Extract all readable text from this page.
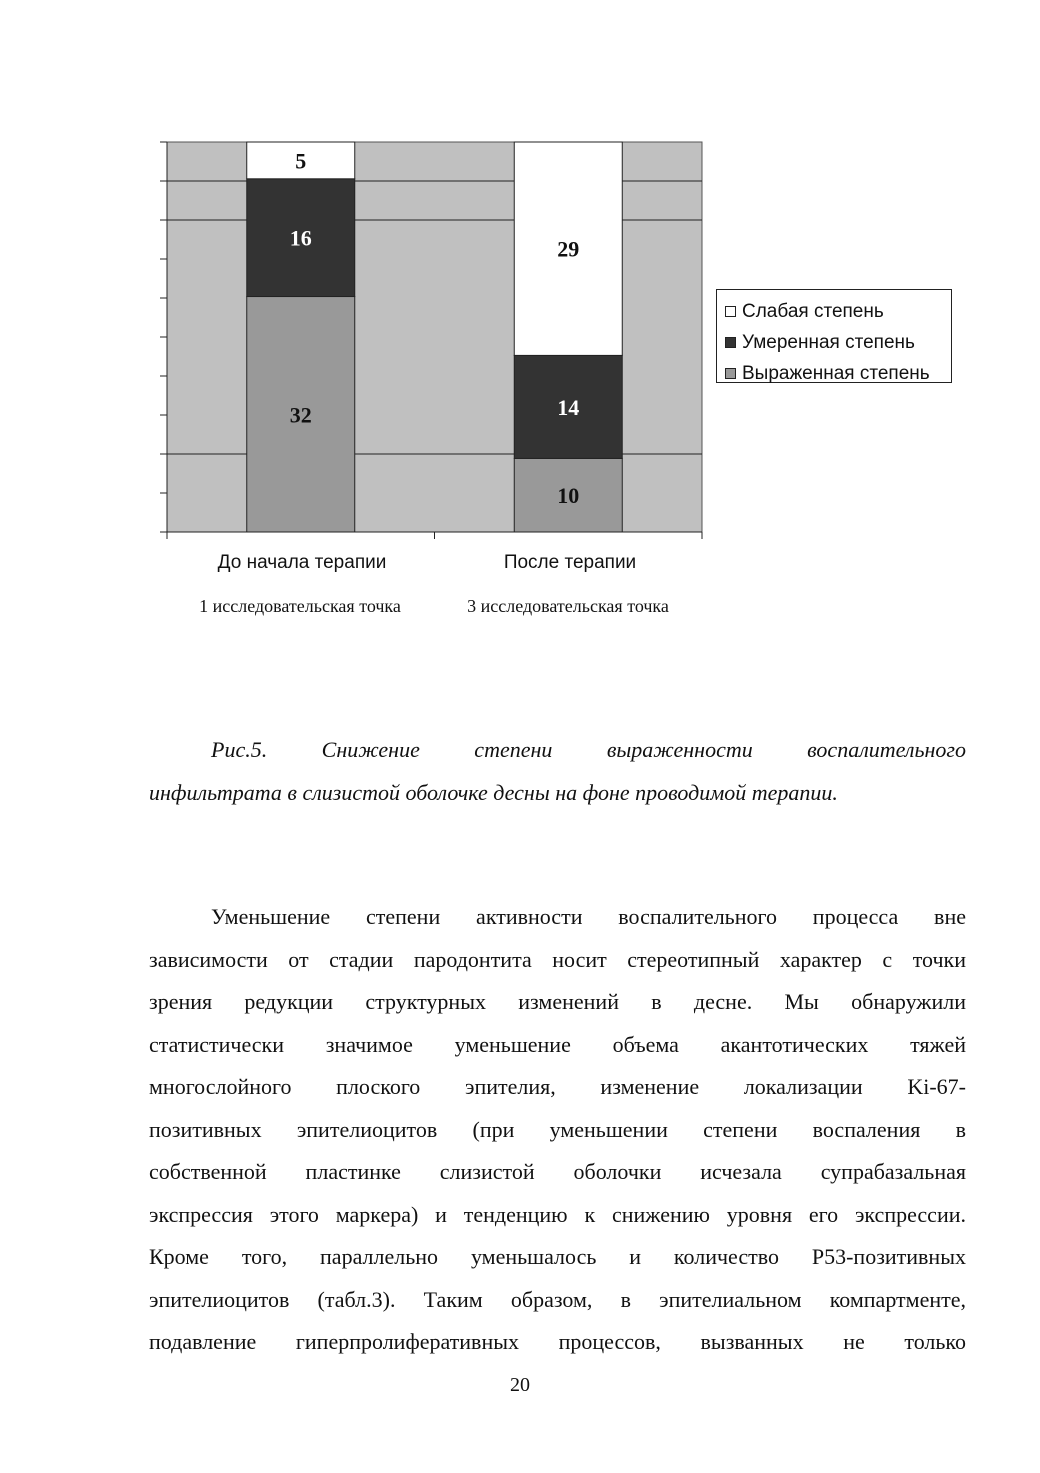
32
16
5
10
14
29
До начала терапии	После терапии
1 исследовательская точка	3 исследовательская точка
Слабая степень
Умеренная степень
Выраженная степень

Рис.5. Снижение степени выраженности воспалительного

инфильтрата в слизистой оболочке десны на фоне проводимой терапии.

Уменьшение степени активности воспалительного процесса вне

зависимости от стадии пародонтита носит стереотипный характер с точки

зрения редукции структурных изменений в десне. Мы обнаружили

статистически значимое уменьшение объема акантотических тяжей

многослойного плоского эпителия, изменение локализации Ki-67-

позитивных эпителиоцитов (при уменьшении степени воспаления в

собственной пластинке слизистой оболочки исчезала супрабазальная

экспрессия этого маркера) и тенденцию к снижению уровня его экспрессии.

Кроме того, параллельно уменьшалось и количество Р53-позитивных

эпителиоцитов (табл.3). Таким образом, в эпителиальном компартменте,

подавление гиперпролиферативных процессов, вызванных не только

20
